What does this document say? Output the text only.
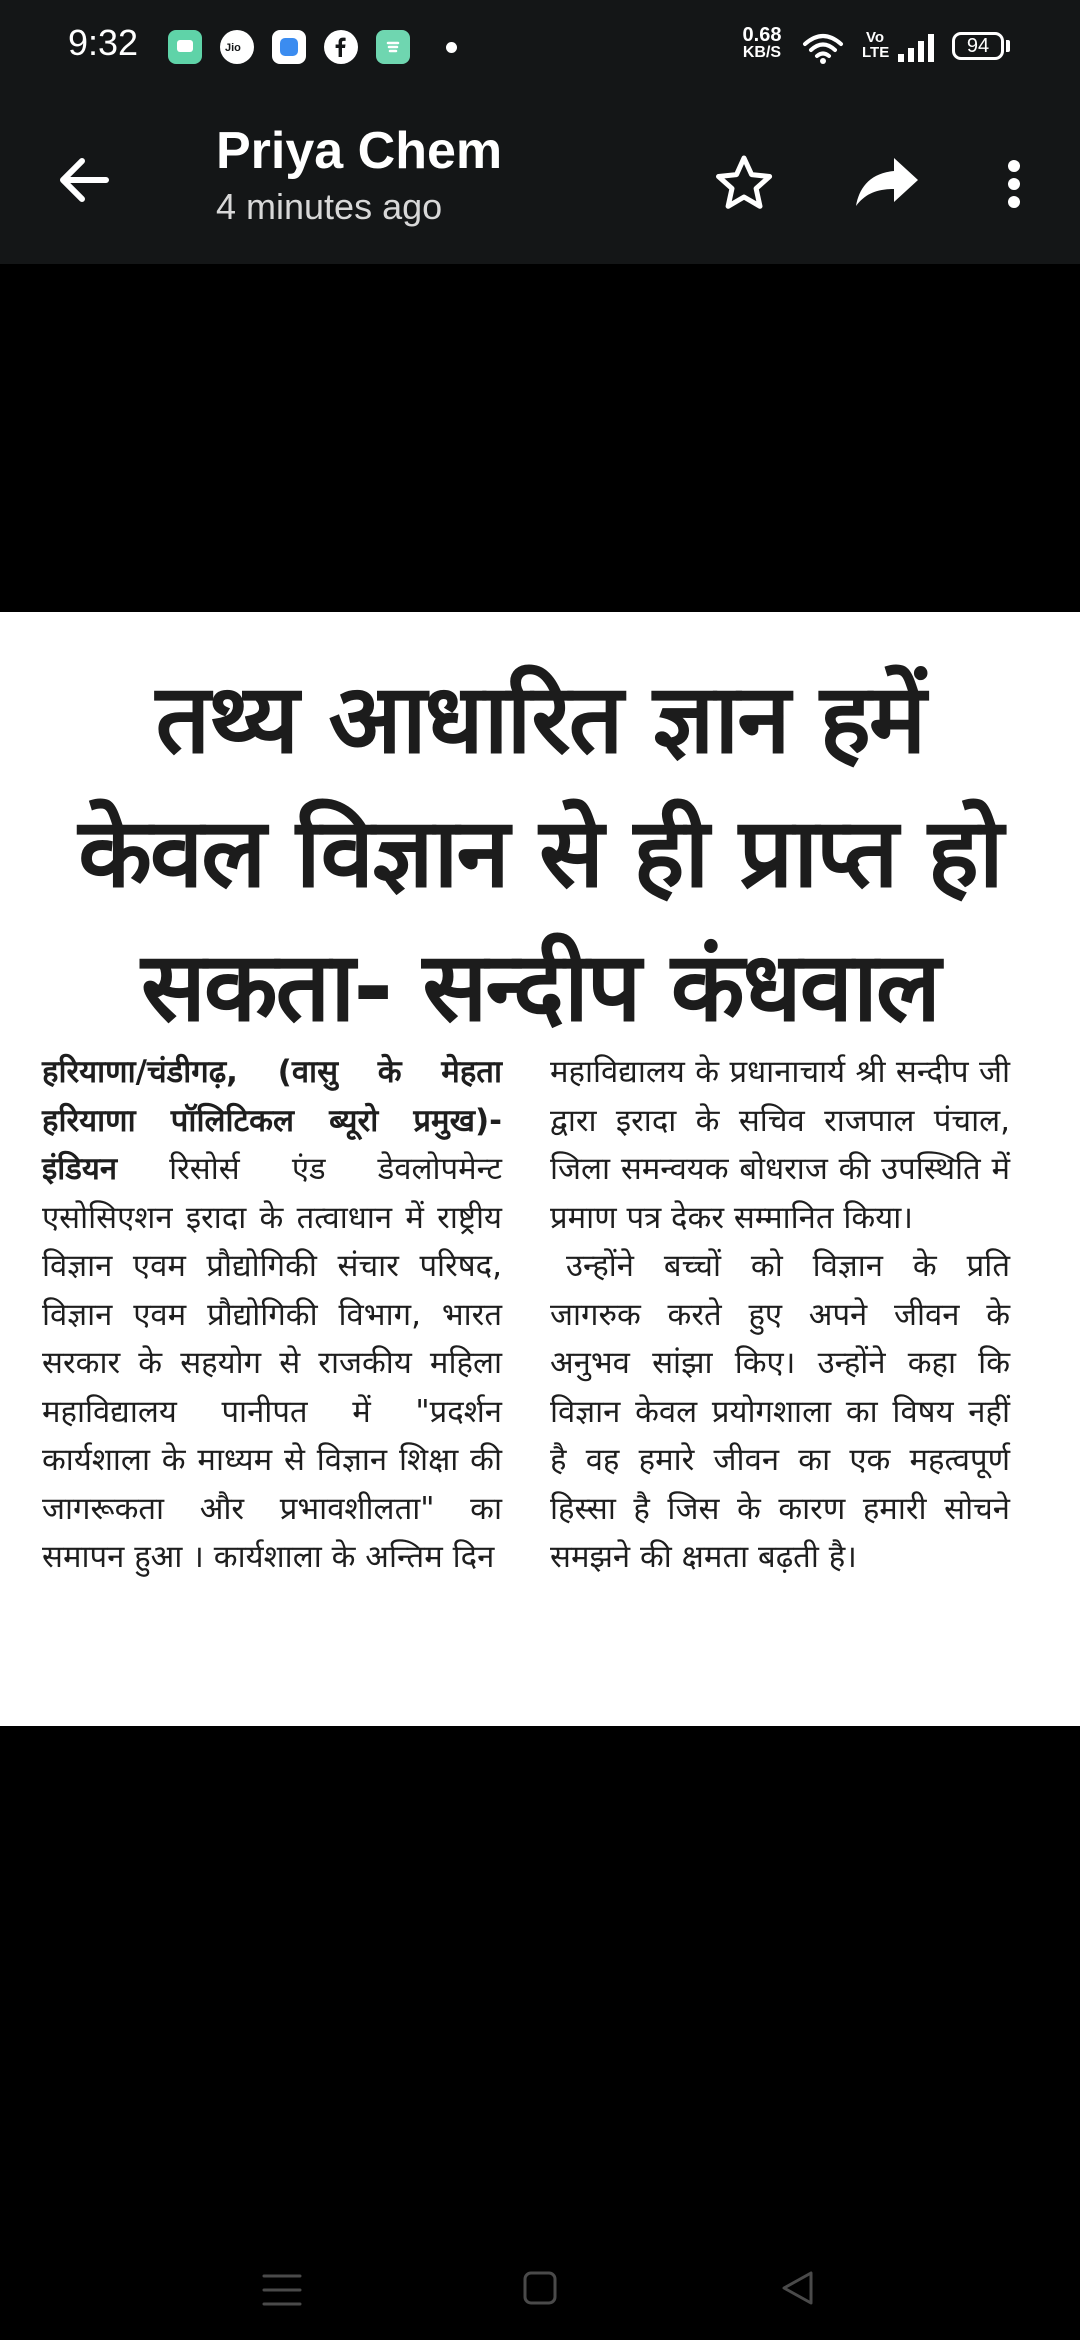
9:32	Jio
0.68
KB/S
Vo
LTE	94
Priya Chem
4 minutes ago
तथ्य आधारित ज्ञान हमें
केवल विज्ञान से ही प्राप्त हो
सकता- सन्दीप कंधवाल

हरियाणा/चंडीगढ़, (वासु के मेहता हरियाणा पॉलिटिकल ब्यूरो प्रमुख)- इंडियन रिसोर्स एंड डेवलोपमेन्ट एसोसिएशन इरादा के तत्वाधान में राष्ट्रीय विज्ञान एवम प्रौद्योगिकी संचार परिषद, विज्ञान एवम प्रौद्योगिकी विभाग, भारत सरकार के सहयोग से राजकीय महिला महाविद्यालय पानीपत में "प्रदर्शन कार्यशाला के माध्यम से विज्ञान शिक्षा की जागरूकता और प्रभावशीलता" का समापन हुआ । कार्यशाला के अन्तिम दिन

महाविद्यालय के प्रधानाचार्य श्री सन्दीप जी द्वारा इरादा के सचिव राजपाल पंचाल, जिला समन्वयक बोधराज की उपस्थिति में प्रमाण पत्र देकर सम्मानित किया।

उन्होंने बच्चों को विज्ञान के प्रति जागरुक करते हुए अपने जीवन के अनुभव सांझा किए। उन्होंने कहा कि विज्ञान केवल प्रयोगशाला का विषय नहीं है वह हमारे जीवन का एक महत्वपूर्ण हिस्सा है जिस के कारण हमारी सोचने समझने की क्षमता बढ़ती है।
